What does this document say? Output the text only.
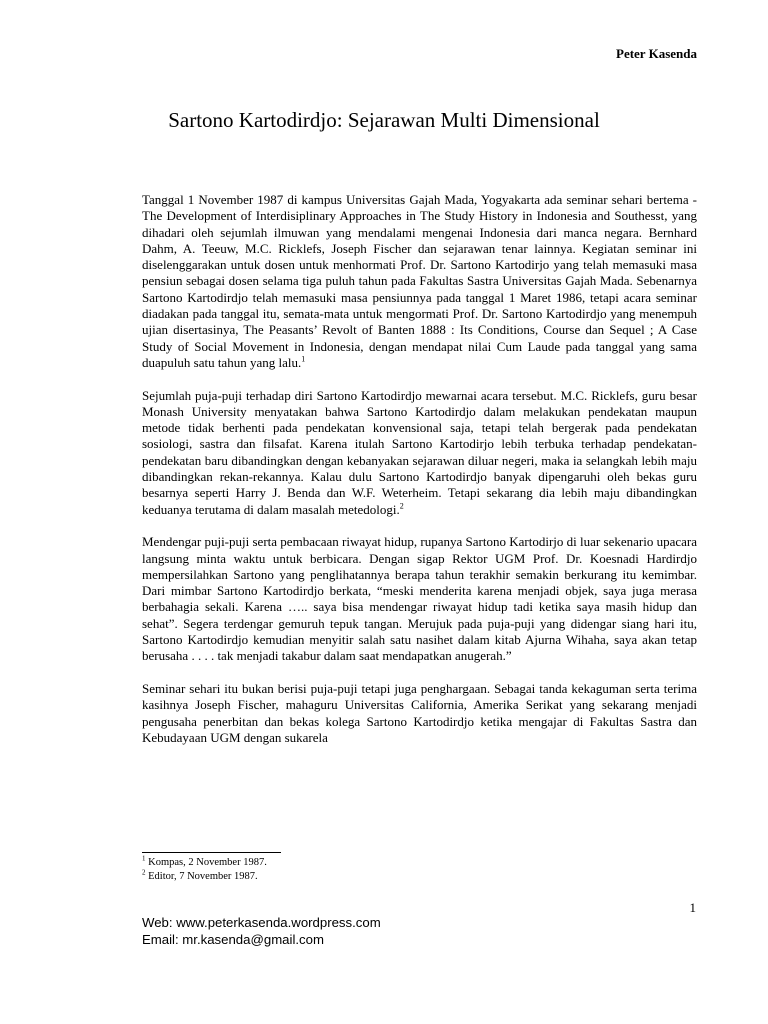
Peter Kasenda
Sartono Kartodirdjo: Sejarawan Multi Dimensional

Tanggal 1 November 1987 di kampus Universitas Gajah Mada, Yogyakarta ada seminar sehari bertema - The Development of Interdisiplinary Approaches in The Study History in Indonesia and Southesst, yang dihadari oleh sejumlah ilmuwan yang mendalami mengenai Indonesia dari manca negara. Bernhard Dahm, A. Teeuw, M.C. Ricklefs, Joseph Fischer dan sejarawan tenar lainnya. Kegiatan seminar ini diselenggarakan untuk dosen untuk menhormati Prof. Dr. Sartono Kartodirjo yang telah memasuki masa pensiun sebagai dosen selama tiga puluh tahun pada Fakultas Sastra Universitas Gajah Mada. Sebenarnya Sartono Kartodirdjo telah memasuki masa pensiunnya pada tanggal 1 Maret 1986, tetapi acara seminar diadakan pada tanggal itu, semata-mata untuk mengormati Prof. Dr. Sartono Kartodirdjo yang menempuh ujian disertasinya, The Peasants’ Revolt of Banten 1888 : Its Conditions, Course dan Sequel ; A Case Study of Social Movement in Indonesia, dengan mendapat nilai Cum Laude pada tanggal yang sama duapuluh satu tahun yang lalu.$^1$

Sejumlah puja-puji terhadap diri Sartono Kartodirdjo mewarnai acara tersebut. M.C. Ricklefs, guru besar Monash University menyatakan bahwa Sartono Kartodirdjo dalam melakukan pendekatan maupun metode tidak berhenti pada pendekatan konvensional saja, tetapi telah bergerak pada pendekatan sosiologi, sastra dan filsafat. Karena itulah Sartono Kartodirjo lebih terbuka terhadap pendekatan-pendekatan baru dibandingkan dengan kebanyakan sejarawan diluar negeri, maka ia selangkah lebih maju dibandingkan rekan-rekannya. Kalau dulu Sartono Kartodirdjo banyak dipengaruhi oleh bekas guru besarnya seperti Harry J. Benda dan W.F. Weterheim. Tetapi sekarang dia lebih maju dibandingkan keduanya terutama di dalam masalah metedologi.$^2$

Mendengar puji-puji serta pembacaan riwayat hidup, rupanya Sartono Kartodirjo di luar sekenario upacara langsung minta waktu untuk berbicara. Dengan sigap Rektor UGM Prof. Dr. Koesnadi Hardirdjo mempersilahkan Sartono yang penglihatannya berapa tahun terakhir semakin berkurang itu kemimbar. Dari mimbar Sartono Kartodirdjo berkata, “meski menderita karena menjadi objek, saya juga merasa berbahagia sekali. Karena ….. saya bisa mendengar riwayat hidup tadi ketika saya masih hidup dan sehat”. Segera terdengar gemuruh tepuk tangan. Merujuk pada puja-puji yang didengar siang hari itu, Sartono Kartodirdjo kemudian menyitir salah satu nasihet dalam kitab Ajurna Wihaha, saya akan tetap berusaha . . . . tak menjadi takabur dalam saat mendapatkan anugerah.”

Seminar sehari itu bukan berisi puja-puji tetapi juga penghargaan. Sebagai tanda kekaguman serta terima kasihnya Joseph Fischer, mahaguru Universitas California, Amerika Serikat yang sekarang menjadi pengusaha penerbitan dan bekas kolega Sartono Kartodirdjo ketika mengajar di Fakultas Sastra dan Kebudayaan UGM dengan sukarela

$^1$ Kompas, 2 November 1987.
$^2$ Editor, 7 November 1987.
1
Web: www.peterkasenda.wordpress.com
Email: mr.kasenda@gmail.com
